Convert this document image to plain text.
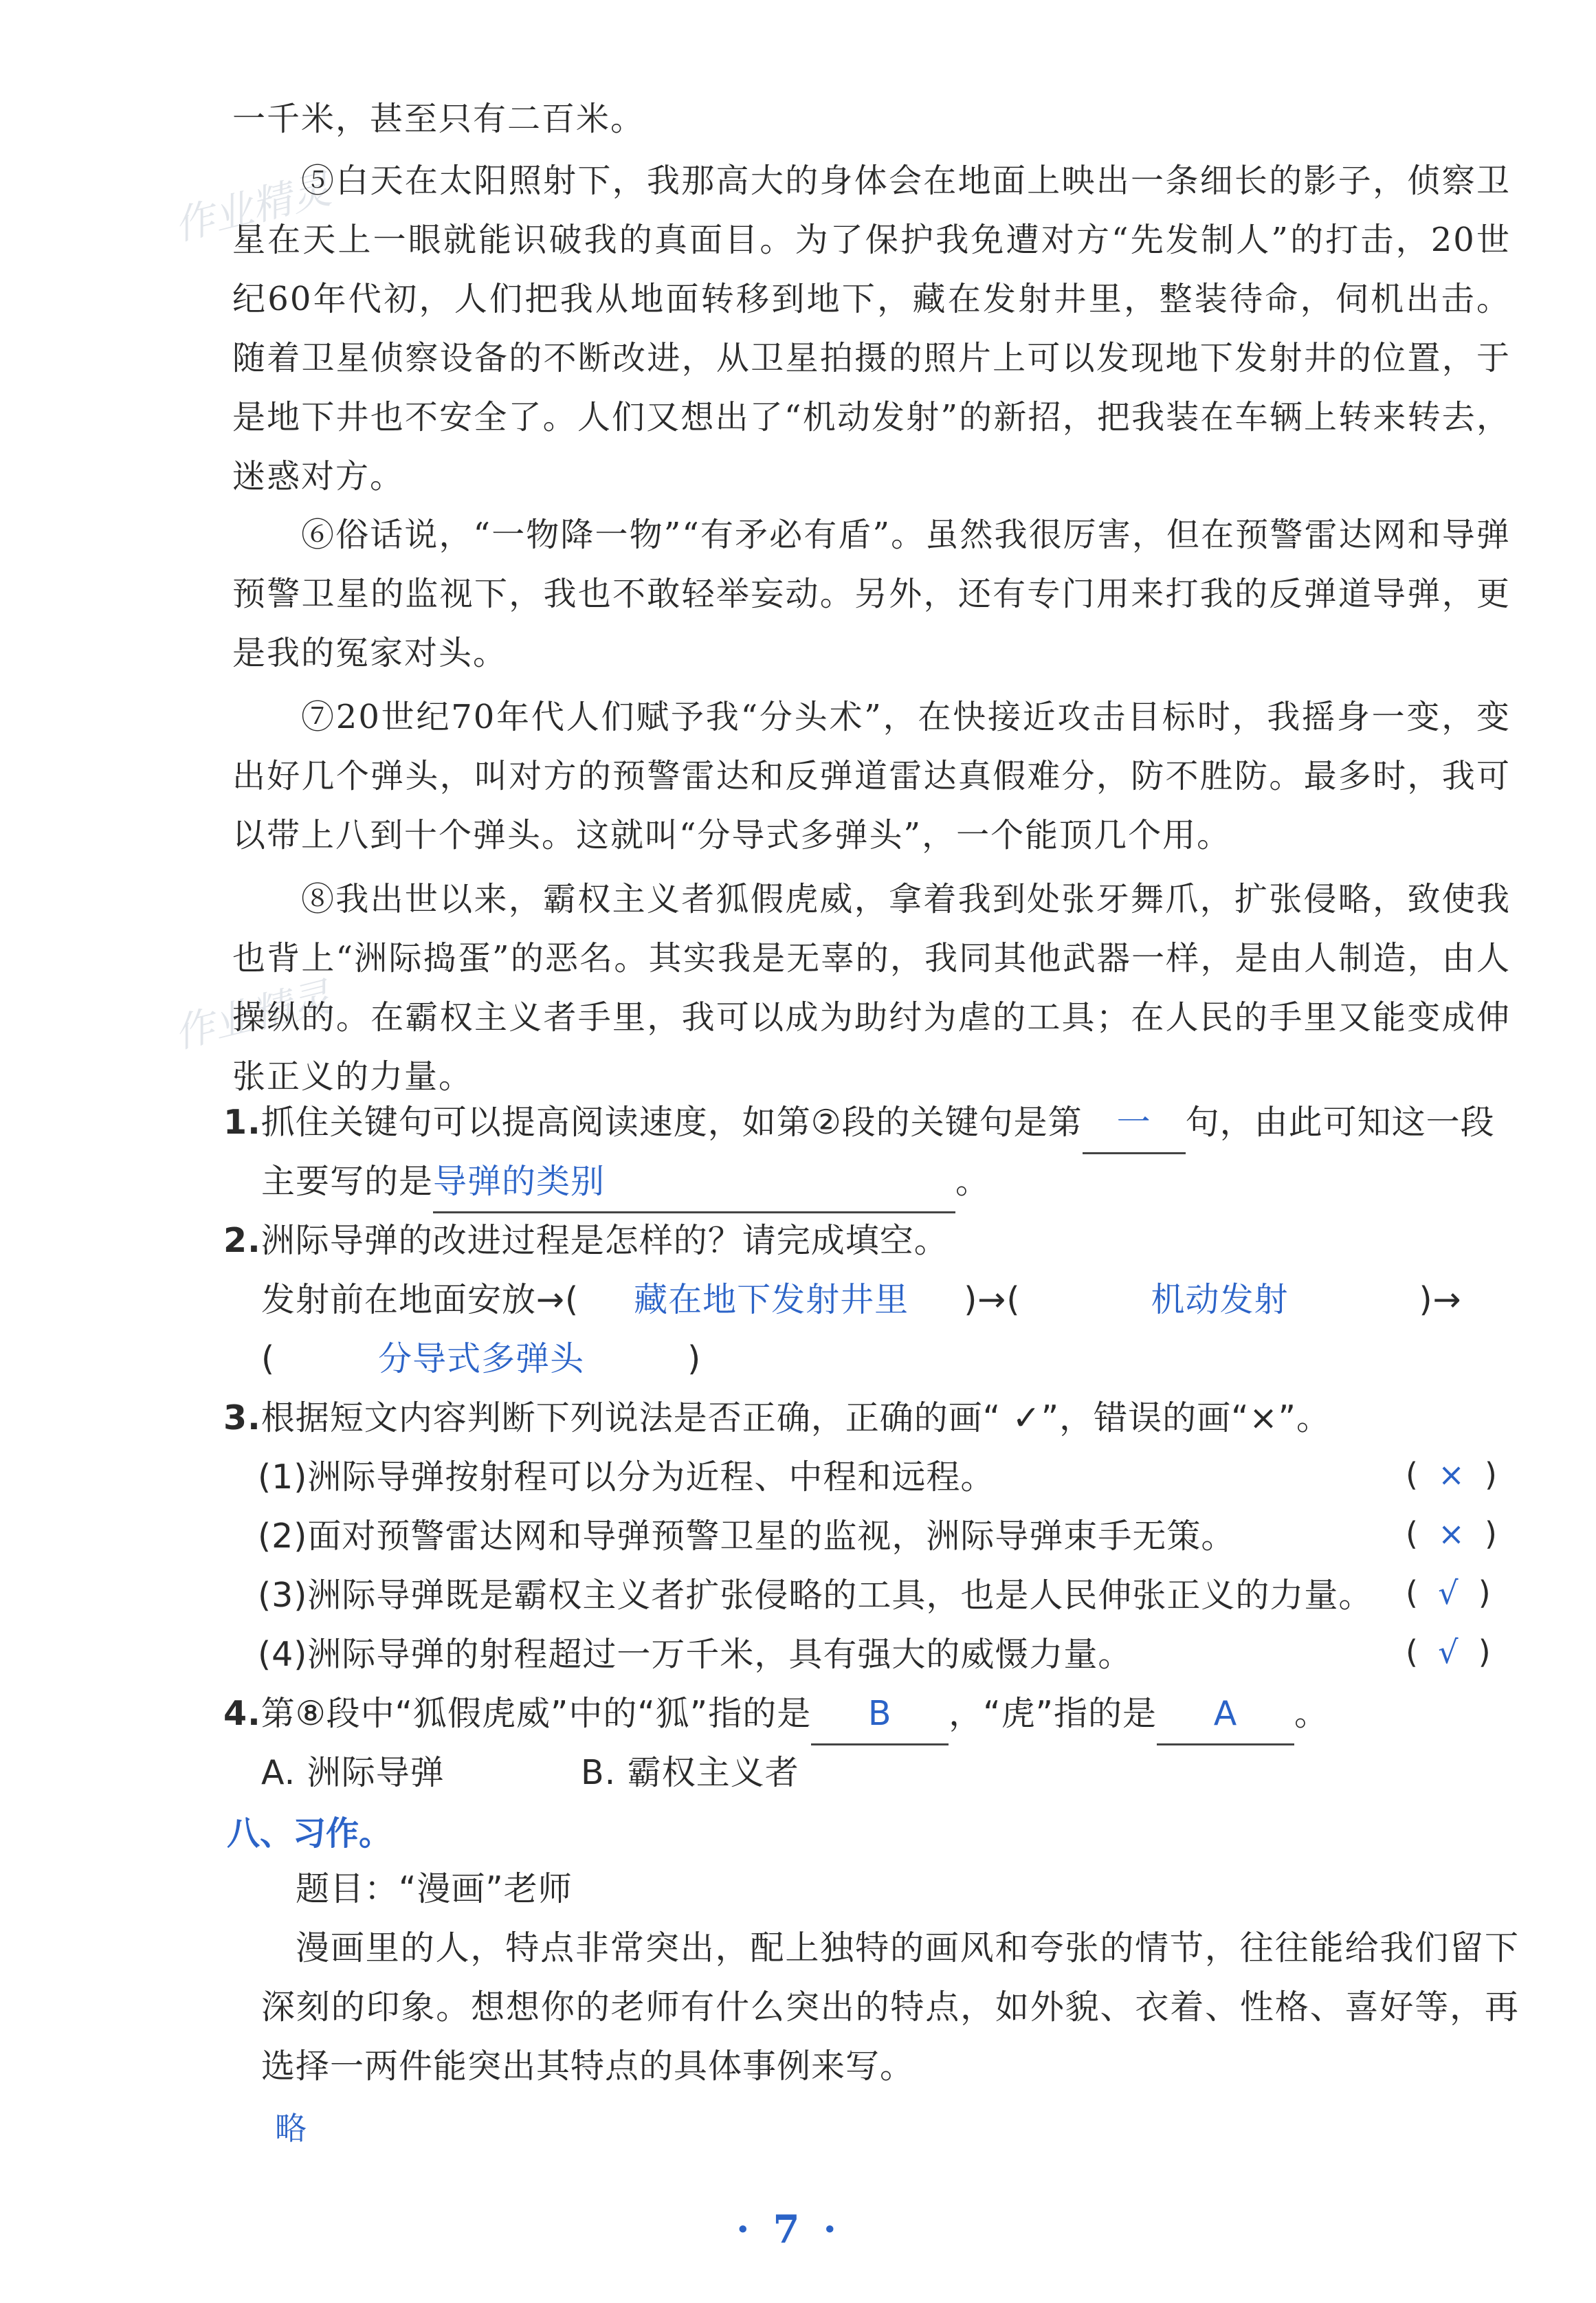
作业精灵
作业精灵
一千米，甚至只有二百米。
⑤白天在太阳照射下，我那高大的身体会在地面上映出一条细长的影子，侦察卫星在天上一眼就能识破我的真面目。为了保护我免遭对方“先发制人”的打击，20世纪60年代初，人们把我从地面转移到地下，藏在发射井里，整装待命，伺机出击。随着卫星侦察设备的不断改进，从卫星拍摄的照片上可以发现地下发射井的位置，于是地下井也不安全了。人们又想出了“机动发射”的新招，把我装在车辆上转来转去，迷惑对方。
⑥俗话说，“一物降一物”“有矛必有盾”。虽然我很厉害，但在预警雷达网和导弹预警卫星的监视下，我也不敢轻举妄动。另外，还有专门用来打我的反弹道导弹，更是我的冤家对头。
⑦20世纪70年代人们赋予我“分头术”，在快接近攻击目标时，我摇身一变，变出好几个弹头，叫对方的预警雷达和反弹道雷达真假难分，防不胜防。最多时，我可以带上八到十个弹头。这就叫“分导式多弹头”，一个能顶几个用。
⑧我出世以来，霸权主义者狐假虎威，拿着我到处张牙舞爪，扩张侵略，致使我也背上“洲际捣蛋”的恶名。其实我是无辜的，我同其他武器一样，是由人制造，由人操纵的。在霸权主义者手里，我可以成为助纣为虐的工具；在人民的手里又能变成伸张正义的力量。
1.抓住关键句可以提高阅读速度，如第②段的关键句是第 一 句，由此可知这一段
主要写的是导弹的类别	。
2.洲际导弹的改进过程是怎样的？请完成填空。
发射前在地面安放→( 藏在地下发射井里 )→(	机动发射	)→
(	分导式多弹头	)
3.根据短文内容判断下列说法是否正确，正确的画“ ✓”，错误的画“×”。
(1)洲际导弹按射程可以分为近程、中程和远程。	(  ×  )
(2)面对预警雷达网和导弹预警卫星的监视，洲际导弹束手无策。	(  ×  )
(3)洲际导弹既是霸权主义者扩张侵略的工具，也是人民伸张正义的力量。 (  √  )
(4)洲际导弹的射程超过一万千米，具有强大的威慑力量。	(  √  )
4.第⑧段中“狐假虎威”中的“狐”指的是 B ，“虎”指的是 A 。
A. 洲际导弹	B. 霸权主义者
八、习作。
题目：“漫画”老师
漫画里的人，特点非常突出，配上独特的画风和夸张的情节，往往能给我们留下深刻的印象。想想你的老师有什么突出的特点，如外貌、衣着、性格、喜好等，再选择一两件能突出其特点的具体事例来写。
略
·7·
